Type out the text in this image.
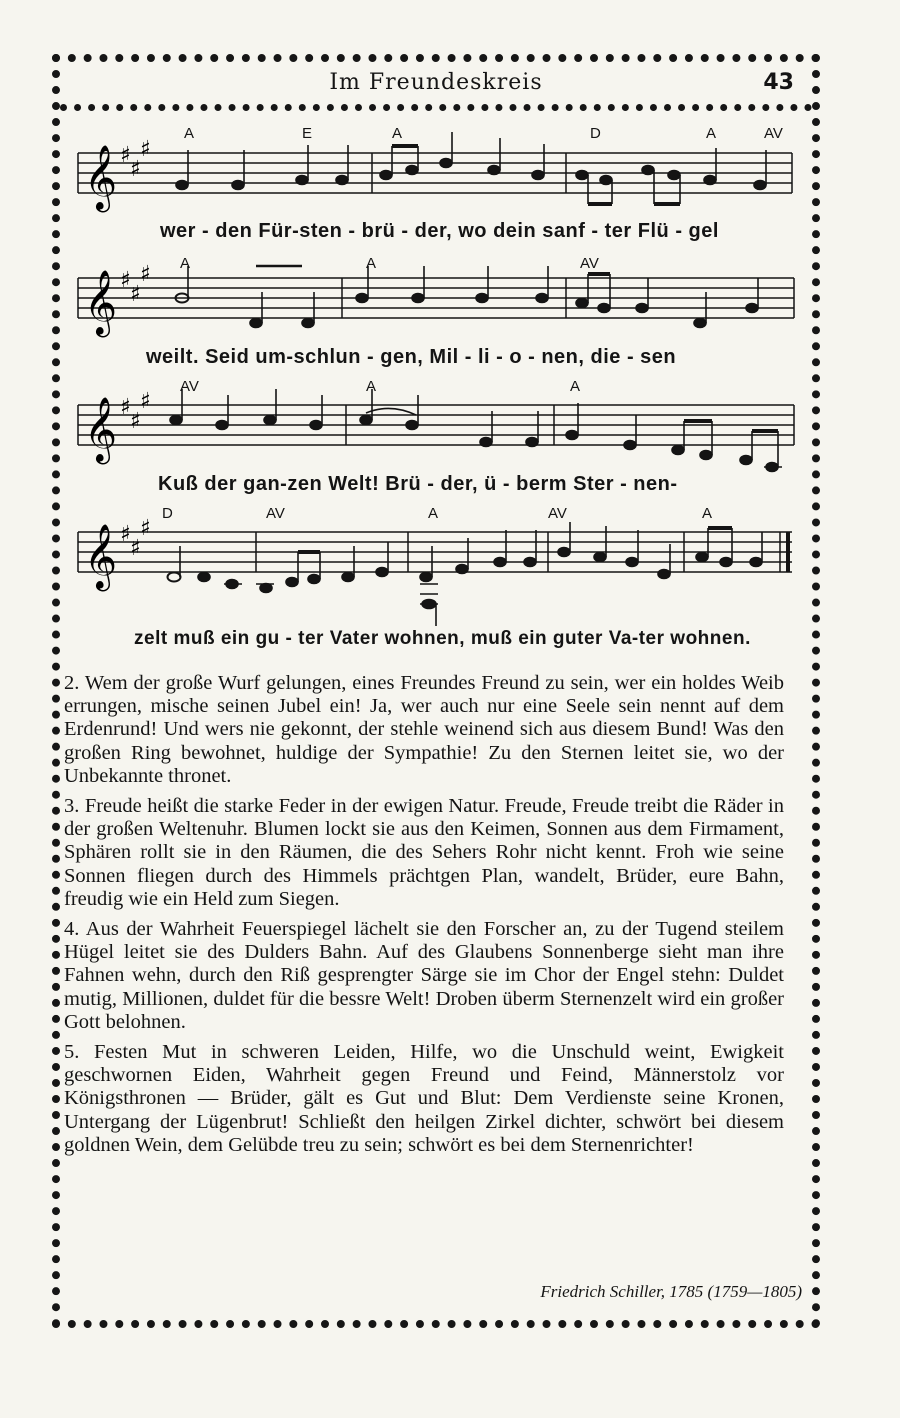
Im Freundeskreis	43
𝄞 ♯
♯
♯
A	E	A	D	A	AV
wer - den Für-sten - brü - der, wo dein sanf - ter Flü - gel
𝄞 ♯
♯
♯ A	A	AV
weilt. Seid um-schlun - gen, Mil - li - o - nen, die - sen
𝄞 ♯
♯
♯
AV	A	A
Kuß der gan-zen Welt! Brü - der, ü - berm Ster - nen-
𝄞 ♯
♯
♯
D	AV	A	AV	A
zelt muß ein gu - ter Vater wohnen, muß ein guter Va-ter wohnen.

2. Wem der große Wurf gelungen, eines Freundes Freund zu sein, wer ein holdes Weib errungen, mische seinen Jubel ein! Ja, wer auch nur eine Seele sein nennt auf dem Erdenrund! Und wers nie gekonnt, der stehle weinend sich aus diesem Bund! Was den großen Ring bewohnet, huldige der Sympathie! Zu den Sternen leitet sie, wo der Unbekannte thronet.

3. Freude heißt die starke Feder in der ewigen Natur. Freude, Freude treibt die Räder in der großen Weltenuhr. Blumen lockt sie aus den Keimen, Sonnen aus dem Firmament, Sphären rollt sie in den Räumen, die des Sehers Rohr nicht kennt. Froh wie seine Sonnen fliegen durch des Himmels prächtgen Plan, wandelt, Brüder, eure Bahn, freudig wie ein Held zum Siegen.

4. Aus der Wahrheit Feuerspiegel lächelt sie den Forscher an, zu der Tugend steilem Hügel leitet sie des Dulders Bahn. Auf des Glaubens Sonnenberge sieht man ihre Fahnen wehn, durch den Riß gesprengter Särge sie im Chor der Engel stehn: Duldet mutig, Millionen, duldet für die bessre Welt! Droben überm Sternenzelt wird ein großer Gott belohnen.

5. Festen Mut in schweren Leiden, Hilfe, wo die Unschuld weint, Ewigkeit geschwornen Eiden, Wahrheit gegen Freund und Feind, Männerstolz vor Königsthronen — Brüder, gält es Gut und Blut: Dem Verdienste seine Kronen, Untergang der Lügenbrut! Schließt den heilgen Zirkel dichter, schwört bei diesem goldnen Wein, dem Gelübde treu zu sein; schwört es bei dem Sternenrichter!

Friedrich Schiller, 1785 (1759—1805)
